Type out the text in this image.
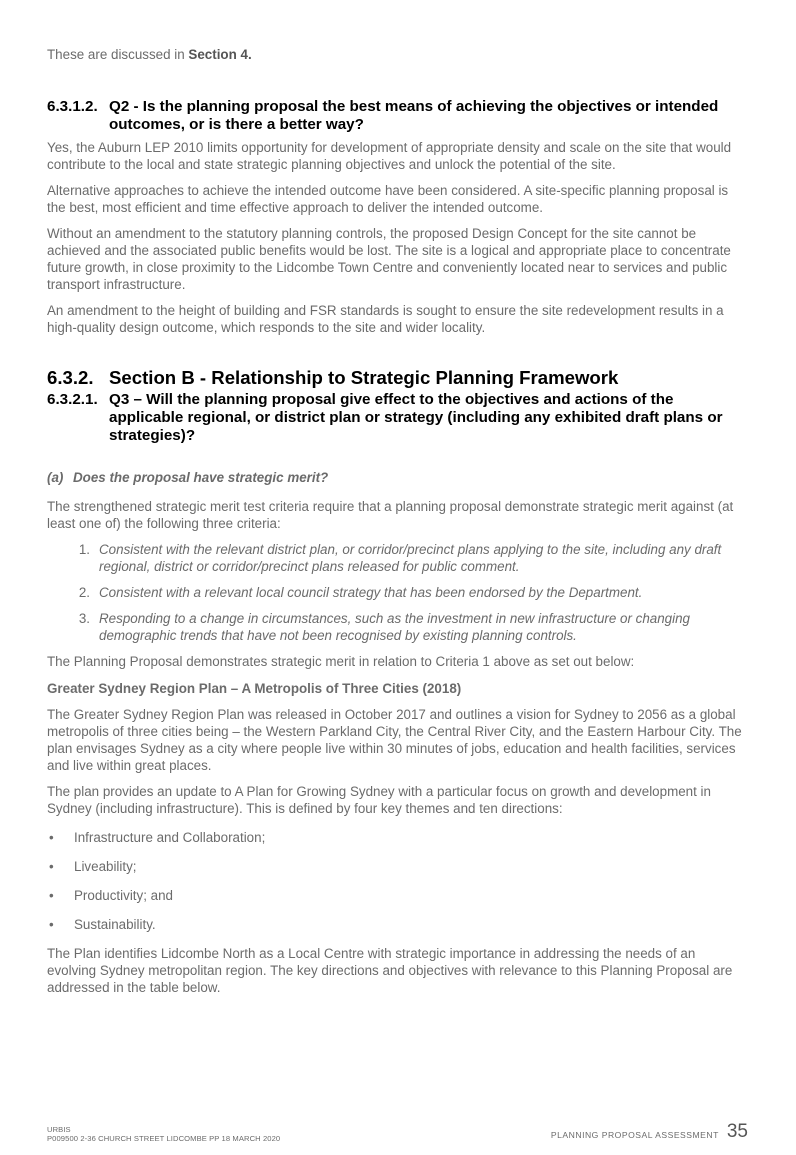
These are discussed in Section 4.

6.3.1.2. Q2 - Is the planning proposal the best means of achieving the objectives or intended outcomes, or is there a better way?

Yes, the Auburn LEP 2010 limits opportunity for development of appropriate density and scale on the site that would contribute to the local and state strategic planning objectives and unlock the potential of the site.

Alternative approaches to achieve the intended outcome have been considered. A site-specific planning proposal is the best, most efficient and time effective approach to deliver the intended outcome.

Without an amendment to the statutory planning controls, the proposed Design Concept for the site cannot be achieved and the associated public benefits would be lost. The site is a logical and appropriate place to concentrate future growth, in close proximity to the Lidcombe Town Centre and conveniently located near to services and public transport infrastructure.

An amendment to the height of building and FSR standards is sought to ensure the site redevelopment results in a high-quality design outcome, which responds to the site and wider locality.

6.3.2. Section B - Relationship to Strategic Planning Framework
6.3.2.1. Q3 – Will the planning proposal give effect to the objectives and actions of the applicable regional, or district plan or strategy (including any exhibited draft plans or strategies)?
(a) Does the proposal have strategic merit?

The strengthened strategic merit test criteria require that a planning proposal demonstrate strategic merit against (at least one of) the following three criteria:

1. Consistent with the relevant district plan, or corridor/precinct plans applying to the site, including any draft regional, district or corridor/precinct plans released for public comment.
2. Consistent with a relevant local council strategy that has been endorsed by the Department.
3. Responding to a change in circumstances, such as the investment in new infrastructure or changing demographic trends that have not been recognised by existing planning controls.

The Planning Proposal demonstrates strategic merit in relation to Criteria 1 above as set out below:

Greater Sydney Region Plan – A Metropolis of Three Cities (2018)

The Greater Sydney Region Plan was released in October 2017 and outlines a vision for Sydney to 2056 as a global metropolis of three cities being – the Western Parkland City, the Central River City, and the Eastern Harbour City. The plan envisages Sydney as a city where people live within 30 minutes of jobs, education and health facilities, services and live within great places.

The plan provides an update to A Plan for Growing Sydney with a particular focus on growth and development in Sydney (including infrastructure). This is defined by four key themes and ten directions:

•	Infrastructure and Collaboration;
•	Liveability;
•	Productivity; and
•	Sustainability.

The Plan identifies Lidcombe North as a Local Centre with strategic importance in addressing the needs of an evolving Sydney metropolitan region. The key directions and objectives with relevance to this Planning Proposal are addressed in the table below.

URBIS
P009500 2-36 CHURCH STREET LIDCOMBE PP 18 MARCH 2020	PLANNING PROPOSAL ASSESSMENT 35
